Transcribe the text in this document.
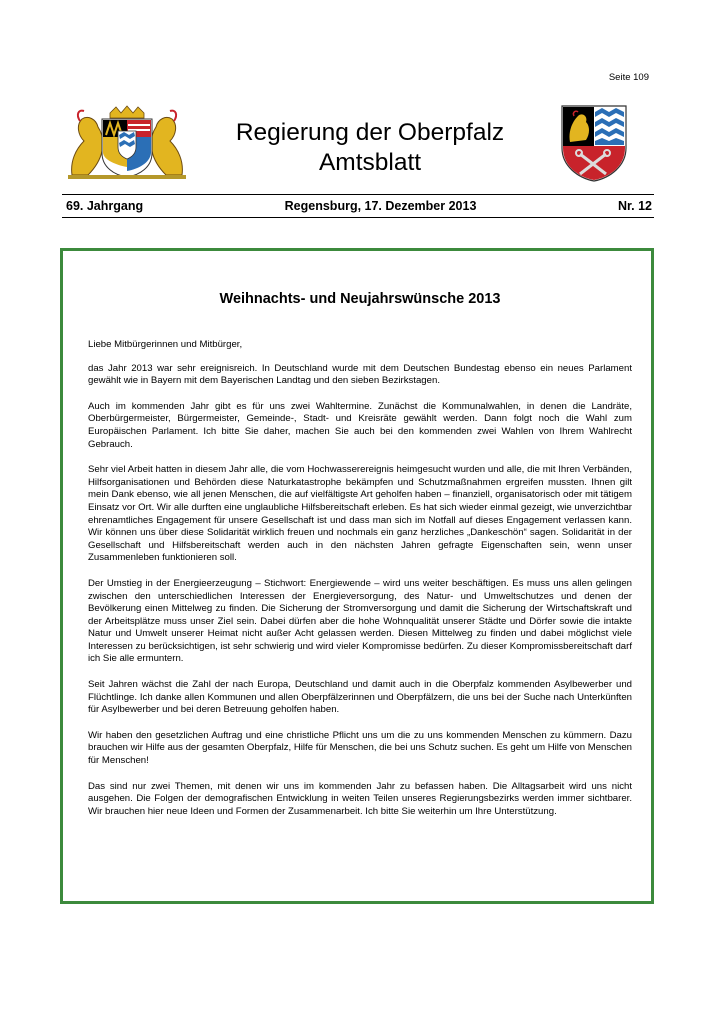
Seite 109
Regierung der Oberpfalz
Amtsblatt
69. Jahrgang	Regensburg, 17. Dezember 2013	Nr. 12
Weihnachts- und Neujahrswünsche 2013

Liebe Mitbürgerinnen und Mitbürger,

das Jahr 2013 war sehr ereignisreich. In Deutschland wurde mit dem Deutschen Bundestag ebenso ein neues Parlament gewählt wie in Bayern mit dem Bayerischen Landtag und den sieben Bezirkstagen.

Auch im kommenden Jahr gibt es für uns zwei Wahltermine. Zunächst die Kommunalwahlen, in denen die Landräte, Oberbürgermeister, Bürgermeister, Gemeinde-, Stadt- und Kreisräte gewählt werden. Dann folgt noch die Wahl zum Europäischen Parlament. Ich bitte Sie daher, machen Sie auch bei den kommenden zwei Wahlen von Ihrem Wahlrecht Gebrauch.

Sehr viel Arbeit hatten in diesem Jahr alle, die vom Hochwasserereignis heimgesucht wurden und alle, die mit Ihren Verbänden, Hilfsorganisationen und Behörden diese Naturkatastrophe bekämpfen und Schutzmaßnahmen ergreifen mussten. Ihnen gilt mein Dank ebenso, wie all jenen Menschen, die auf vielfältigste Art geholfen haben – finanziell, organisatorisch oder mit tätigem Einsatz vor Ort. Wir alle durften eine unglaubliche Hilfsbereitschaft erleben. Es hat sich wieder einmal gezeigt, wie unverzichtbar ehrenamtliches Engagement für unsere Gesellschaft ist und dass man sich im Notfall auf dieses Engagement verlassen kann. Wir können uns über diese Solidarität wirklich freuen und nochmals ein ganz herzliches „Dankeschön“ sagen. Solidarität in der Gesellschaft und Hilfsbereitschaft werden auch in den nächsten Jahren gefragte Eigenschaften sein, wenn unser Zusammenleben funktionieren soll.

Der Umstieg in der Energieerzeugung – Stichwort: Energiewende – wird uns weiter beschäftigen. Es muss uns allen gelingen zwischen den unterschiedlichen Interessen der Energieversorgung, des Natur- und Umweltschutzes und denen der Bevölkerung einen Mittelweg zu finden. Die Sicherung der Stromversorgung und damit die Sicherung der Wirtschaftskraft und der Arbeitsplätze muss unser Ziel sein. Dabei dürfen aber die hohe Wohnqualität unserer Städte und Dörfer sowie die intakte Natur und Umwelt unserer Heimat nicht außer Acht gelassen werden. Diesen Mittelweg zu finden und dabei möglichst viele Interessen zu berücksichtigen, ist sehr schwierig und wird vieler Kompromisse bedürfen. Zu dieser Kompromissbereitschaft darf ich Sie alle ermuntern.

Seit Jahren wächst die Zahl der nach Europa, Deutschland und damit auch in die Oberpfalz kommenden Asylbewerber und Flüchtlinge. Ich danke allen Kommunen und allen Oberpfälzerinnen und Oberpfälzern, die uns bei der Suche nach Unterkünften für Asylbewerber und bei deren Betreuung geholfen haben.

Wir haben den gesetzlichen Auftrag und eine christliche Pflicht uns um die zu uns kommenden Menschen zu kümmern. Dazu brauchen wir Hilfe aus der gesamten Oberpfalz, Hilfe für Menschen, die bei uns Schutz suchen. Es geht um Hilfe von Menschen für Menschen!

Das sind nur zwei Themen, mit denen wir uns im kommenden Jahr zu befassen haben. Die Alltagsarbeit wird uns nicht ausgehen. Die Folgen der demografischen Entwicklung in weiten Teilen unseres Regierungsbezirks werden immer sichtbarer. Wir brauchen hier neue Ideen und Formen der Zusammenarbeit. Ich bitte Sie weiterhin um Ihre Unterstützung.
